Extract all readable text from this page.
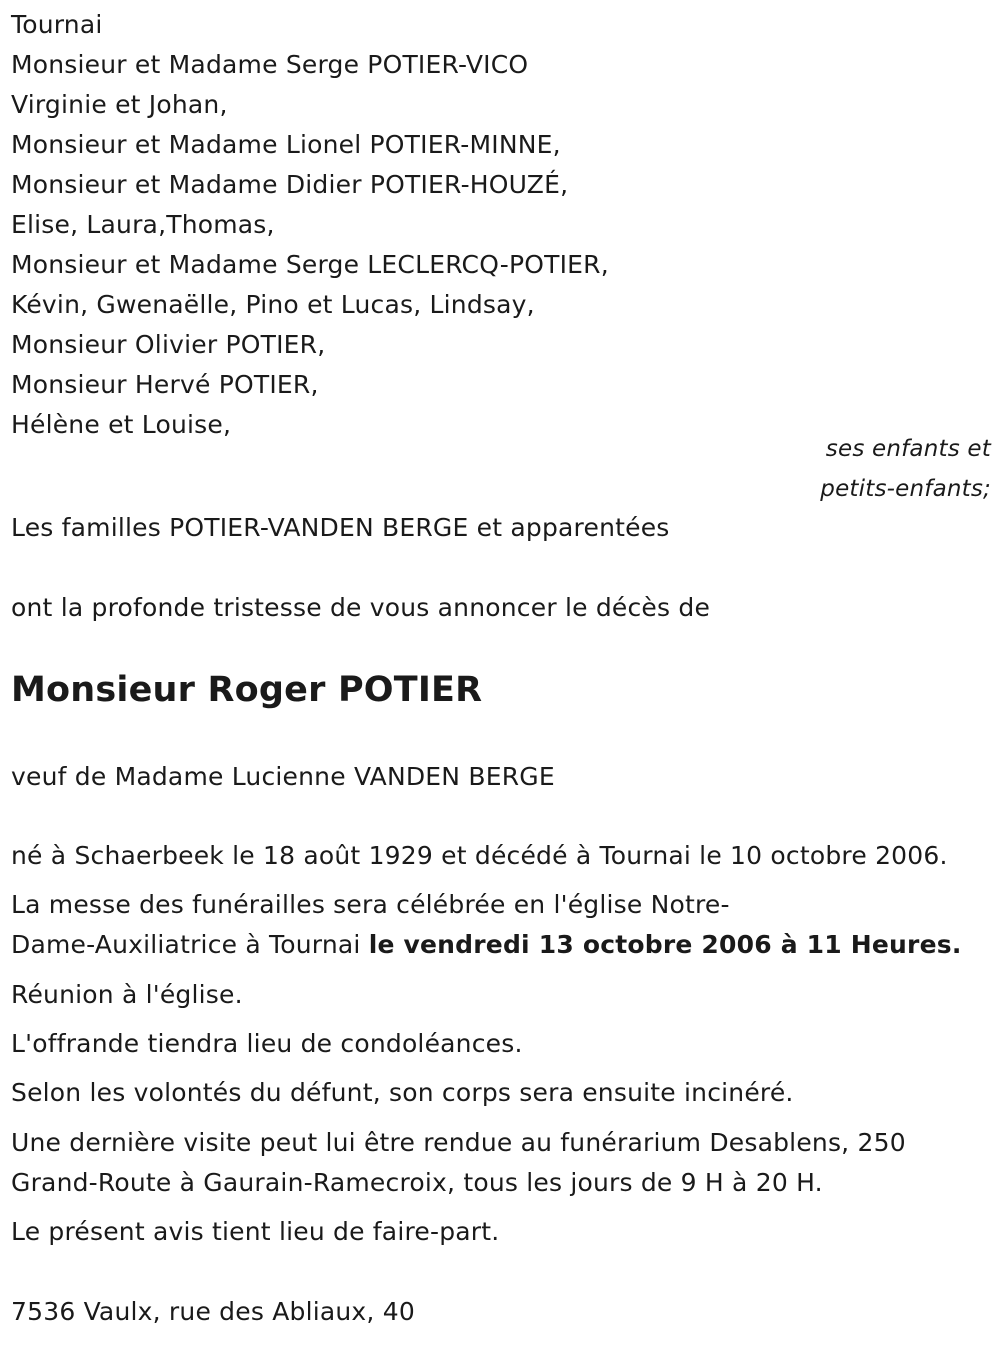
Tournai
Monsieur et Madame Serge POTIER-VICO
Virginie et Johan,
Monsieur et Madame Lionel POTIER-MINNE,
Monsieur et Madame Didier POTIER-HOUZÉ,
Elise, Laura,Thomas,
Monsieur et Madame Serge LECLERCQ-POTIER,
Kévin, Gwenaëlle, Pino et Lucas, Lindsay,
Monsieur Olivier POTIER,
Monsieur Hervé POTIER,
Hélène et Louise,
ses enfants et
petits-enfants;
Les familles POTIER-VANDEN BERGE et apparentées
ont la profonde tristesse de vous annoncer le décès de
Monsieur Roger POTIER
veuf de Madame Lucienne VANDEN BERGE
né à Schaerbeek le 18 août 1929 et décédé à Tournai le 10 octobre 2006.
La messe des funérailles sera célébrée en l'église Notre-
Dame-Auxiliatrice à Tournai le vendredi 13 octobre 2006 à 11 Heures.
Réunion à l'église.
L'offrande tiendra lieu de condoléances.
Selon les volontés du défunt, son corps sera ensuite incinéré.
Une dernière visite peut lui être rendue au funérarium Desablens, 250
Grand-Route à Gaurain-Ramecroix, tous les jours de 9 H à 20 H.
Le présent avis tient lieu de faire-part.
7536 Vaulx, rue des Abliaux, 40
